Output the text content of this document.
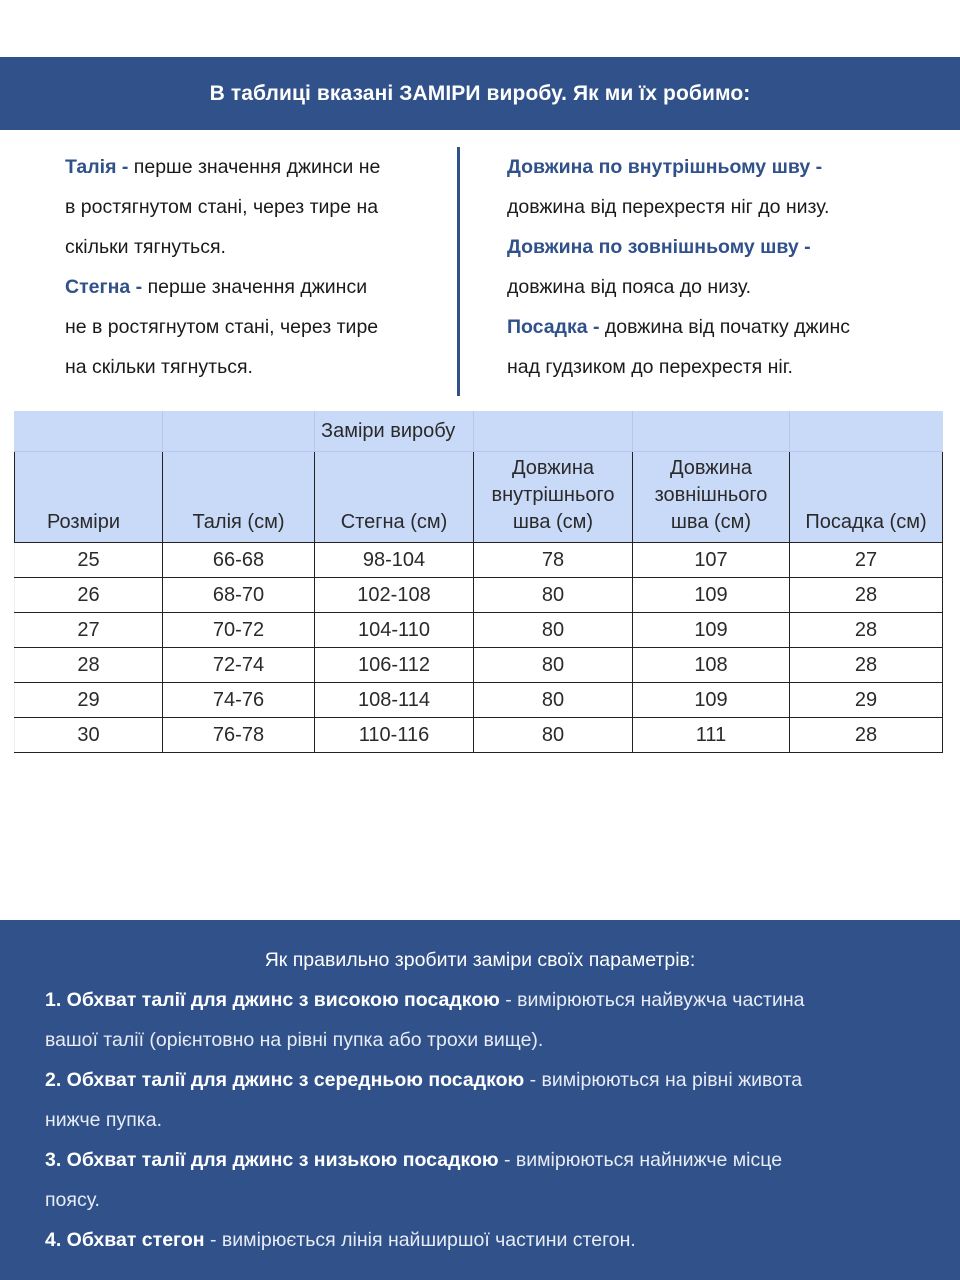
В таблиці вказані ЗАМІРИ виробу. Як ми їх робимо:
Талія - перше значення джинси не
в ростягнутом стані, через тире на
скільки тягнуться.
Стегна - перше значення джинси
не в ростягнутом стані, через тире
на скільки тягнуться.
Довжина по внутрішньому шву -
довжина від перехрестя ніг до низу.
Довжина по зовнішньому шву -
довжина від пояса до низу.
Посадка - довжина від початку джинс
над гудзиком до перехрестя ніг.
		Заміри виробу			
Розміри	Талія (см)	Стегна (см)	Довжина внутрішнього шва (см)	Довжина зовнішнього шва (см)	Посадка (см)
25	66-68	98-104	78	107	27
26	68-70	102-108	80	109	28
27	70-72	104-110	80	109	28
28	72-74	106-112	80	108	28
29	74-76	108-114	80	109	29
30	76-78	110-116	80	111	28
Як правильно зробити заміри своїх параметрів:
1. Обхват талії для джинс з високою посадкою - вимірюються найвужча частина
вашої талії (орієнтовно на рівні пупка або трохи вище).
2. Обхват талії для джинс з середньою посадкою - вимірюються на рівні живота
нижче пупка.
3. Обхват талії для джинс з низькою посадкою - вимірюються найнижче місце
поясу.
4. Обхват стегон - вимірюється лінія найширшої частини стегон.
